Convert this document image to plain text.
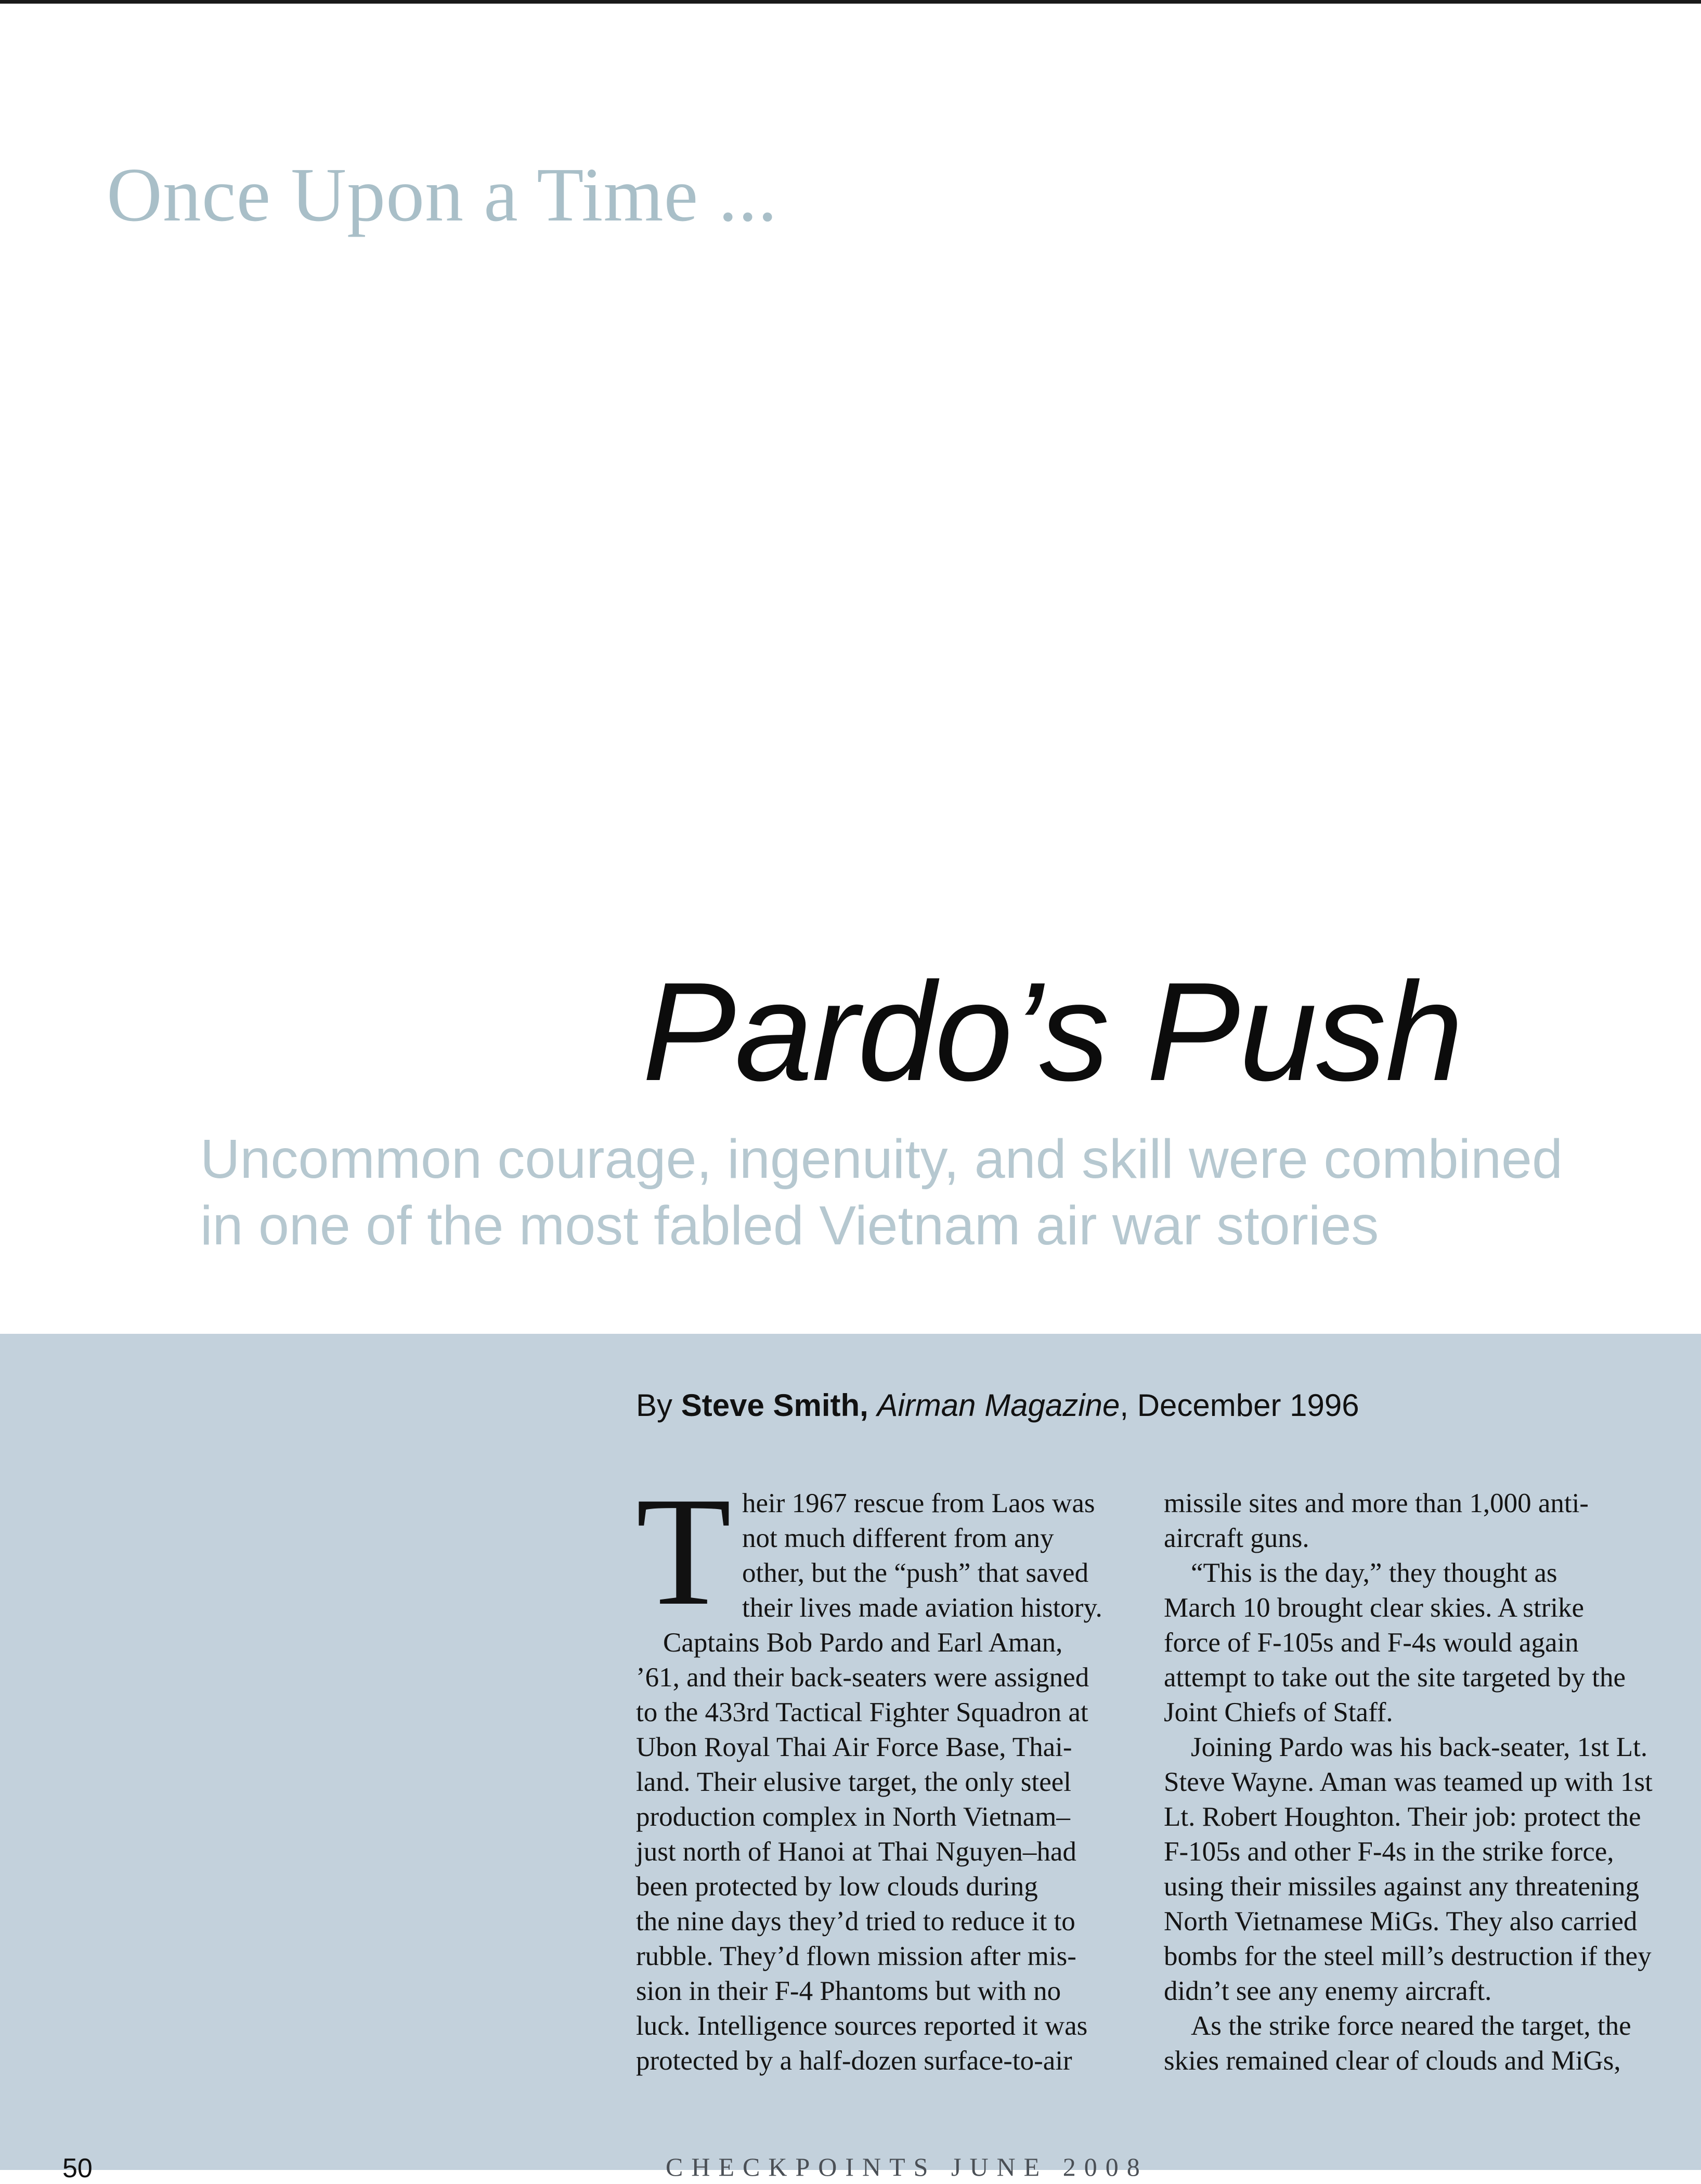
Once Upon a Time ...
Pardo’s Push
Uncommon courage, ingenuity, and skill were combined
in one of the most fabled Vietnam air war stories
By Steve Smith, Airman Magazine, December 1996
T heir 1967 rescue from Laos was
not much different from any
other, but the “push” that saved
their lives made aviation history.
Captains Bob Pardo and Earl Aman,
’61, and their back-seaters were assigned
to the 433rd Tactical Fighter Squadron at
Ubon Royal Thai Air Force Base, Thai-
land. Their elusive target, the only steel
production complex in North Vietnam–
just north of Hanoi at Thai Nguyen–had
been protected by low clouds during
the nine days they’d tried to reduce it to
rubble. They’d flown mission after mis-
sion in their F-4 Phantoms but with no
luck. Intelligence sources reported it was
protected by a half-dozen surface-to-air
missile sites and more than 1,000 anti-
aircraft guns.
“This is the day,” they thought as
March 10 brought clear skies. A strike
force of F-105s and F-4s would again
attempt to take out the site targeted by the
Joint Chiefs of Staff.
Joining Pardo was his back-seater, 1st Lt.
Steve Wayne. Aman was teamed up with 1st
Lt. Robert Houghton. Their job: protect the
F-105s and other F-4s in the strike force,
using their missiles against any threatening
North Vietnamese MiGs. They also carried
bombs for the steel mill’s destruction if they
didn’t see any enemy aircraft.
As the strike force neared the target, the
skies remained clear of clouds and MiGs,
50	CHECKPOINTS JUNE 2008
